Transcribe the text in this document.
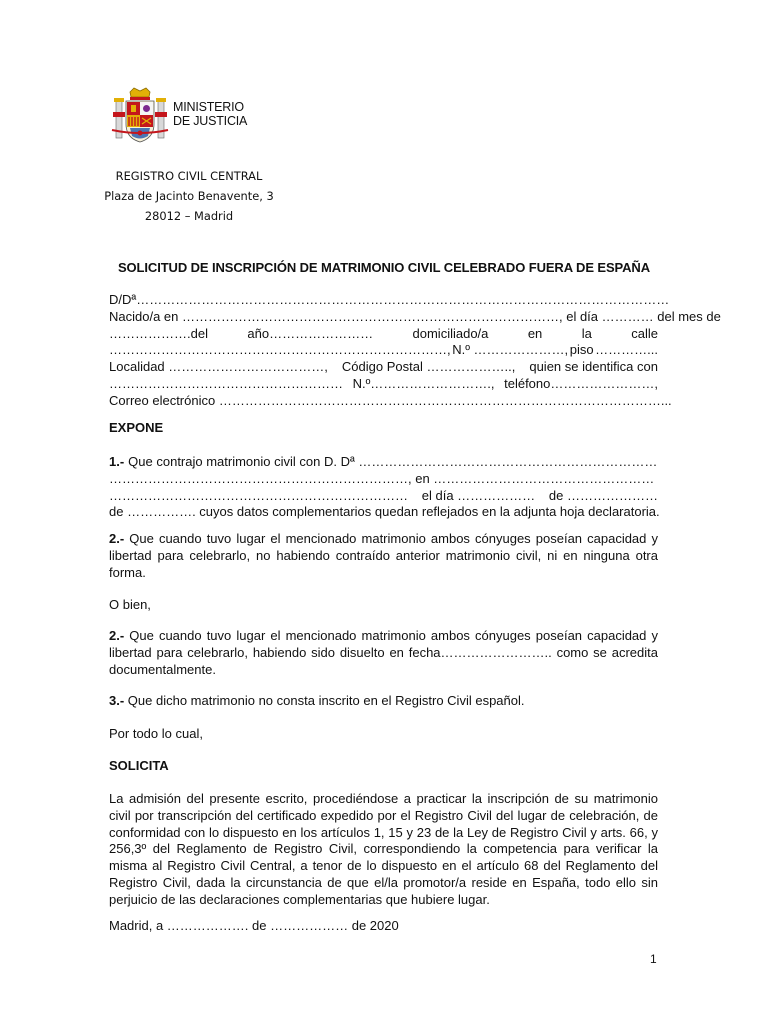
MINISTERIO
DE JUSTICIA
REGISTRO CIVIL CENTRAL
Plaza de Jacinto Benavente, 3
28012 – Madrid
SOLICITUD DE INSCRIPCIÓN DE MATRIMONIO CIVIL CELEBRADO FUERA DE ESPAÑA
D/Dª……………………………………………………………………………………………………………
Nacido/a en ……………………………………………………………………………, el día ………… del mes de
……………….del	año……………………	domiciliado/a	en	la	calle
……………………………………………………………………, N.º …………………, piso …………...
Localidad ………………………………, Código Postal ……………….., quien se identifica con
……………………………………………… N.º………………………., teléfono……………………,
Correo electrónico …………………………………………………………………………………………...
EXPONE
1.- Que contrajo matrimonio civil con D. Dª ……………………………………………………………
……………………………………………………………, en ……………………………………………
…………………………………………………………… el día ……………… de …………………
de ……………. cuyos datos complementarios quedan reflejados en la adjunta hoja declaratoria.
2.- Que cuando tuvo lugar el mencionado matrimonio ambos cónyuges poseían capacidad y libertad para celebrarlo, no habiendo contraído anterior matrimonio civil, ni en ninguna otra forma.
O bien,
2.- Que cuando tuvo lugar el mencionado matrimonio ambos cónyuges poseían capacidad y libertad para celebrarlo, habiendo sido disuelto en fecha…………………….. como se acredita documentalmente.
3.- Que dicho matrimonio no consta inscrito en el Registro Civil español.
Por todo lo cual,
SOLICITA
La admisión del presente escrito, procediéndose a practicar la inscripción de su matrimonio civil por transcripción del certificado expedido por el Registro Civil del lugar de celebración, de conformidad con lo dispuesto en los artículos 1, 15 y 23 de la Ley de Registro Civil y arts. 66, y 256,3º del Reglamento de Registro Civil, correspondiendo la competencia para verificar la misma al Registro Civil Central, a tenor de lo dispuesto en el artículo 68 del Reglamento del Registro Civil, dada la circunstancia de que el/la promotor/a reside en España, todo ello sin perjuicio de las declaraciones complementarias que hubiere lugar.
Madrid, a ………………. de ……………… de 2020
1
